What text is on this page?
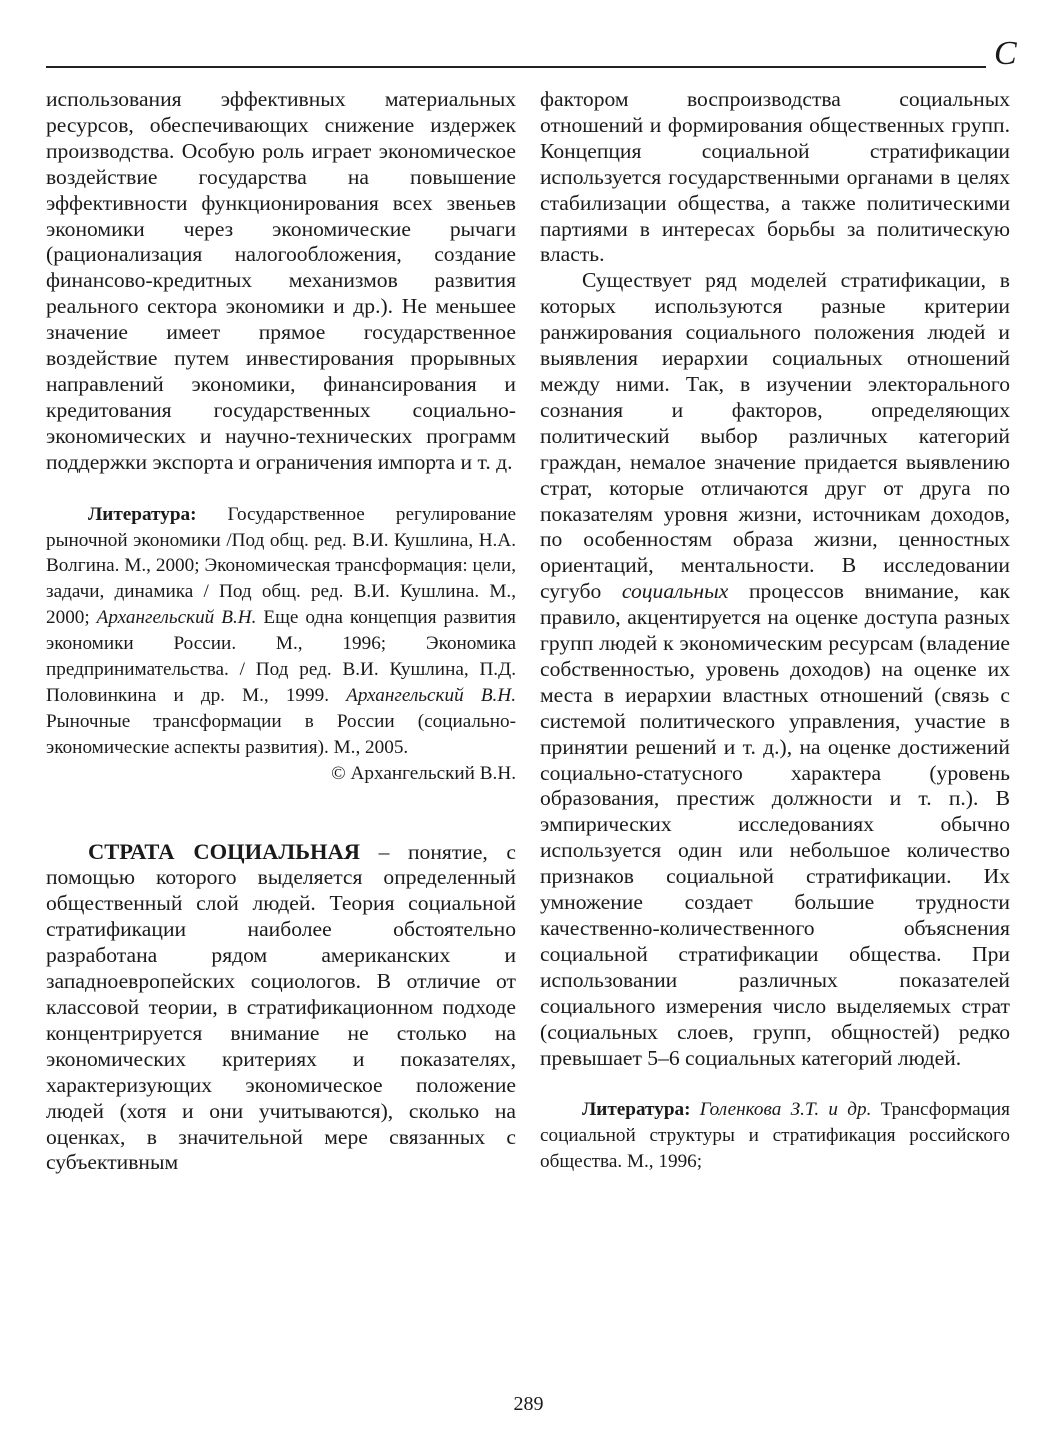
С

использования эффективных материальных ресурсов, обеспечивающих снижение издержек производства. Особую роль играет экономическое воздействие государства на повышение эффективности функционирования всех звеньев экономики через экономические рычаги (рационализация налогообложения, создание финансово-кредитных механизмов развития реального сектора экономики и др.). Не меньшее значение имеет прямое государственное воздействие путем инвестирования прорывных направлений экономики, финансирования и кредитования государственных социально-экономических и научно-технических программ поддержки экспорта и ограничения импорта и т. д.

Литература: Государственное регулирование рыночной экономики /Под общ. ред. В.И. Кушлина, Н.А. Волгина. М., 2000; Экономическая трансформация: цели, задачи, динамика / Под общ. ред. В.И. Кушлина. М., 2000; Архангельский В.Н. Еще одна концепция развития экономики России. М., 1996; Экономика предпринимательства. / Под ред. В.И. Кушлина, П.Д. Половинкина и др. М., 1999. Архангельский В.Н. Рыночные трансформации в России (социально-экономические аспекты развития). М., 2005.

© Архангельский В.Н.

СТРАТА СОЦИАЛЬНАЯ – понятие, с помощью которого выделяется определенный общественный слой людей. Теория социальной стратификации наиболее обстоятельно разработана рядом американских и западноевропейских социологов. В отличие от классовой теории, в стратификационном подходе концентрируется внимание не столько на экономических критериях и показателях, характеризующих экономическое положение людей (хотя и они учитываются), сколько на оценках, в значительной мере связанных с субъективным

фактором воспроизводства социальных отношений и формирования общественных групп. Концепция социальной стратификации используется государственными органами в целях стабилизации общества, а также политическими партиями в интересах борьбы за политическую власть.

Существует ряд моделей стратификации, в которых используются разные критерии ранжирования социального положения людей и выявления иерархии социальных отношений между ними. Так, в изучении электорального сознания и факторов, определяющих политический выбор различных категорий граждан, немалое значение придается выявлению страт, которые отличаются друг от друга по показателям уровня жизни, источникам доходов, по особенностям образа жизни, ценностных ориентаций, ментальности. В исследовании сугубо социальных процессов внимание, как правило, акцентируется на оценке доступа разных групп людей к экономическим ресурсам (владение собственностью, уровень доходов) на оценке их места в иерархии властных отношений (связь с системой политического управления, участие в принятии решений и т. д.), на оценке достижений социально-статусного характера (уровень образования, престиж должности и т. п.). В эмпирических исследованиях обычно используется один или небольшое количество признаков социальной стратификации. Их умножение создает большие трудности качественно-количественного объяснения социальной стратификации общества. При использовании различных показателей социального измерения число выделяемых страт (социальных слоев, групп, общностей) редко превышает 5–6 социальных категорий людей.

Литература: Голенкова З.Т. и др. Трансформация социальной структуры и стратификация российского общества. М., 1996;

289
